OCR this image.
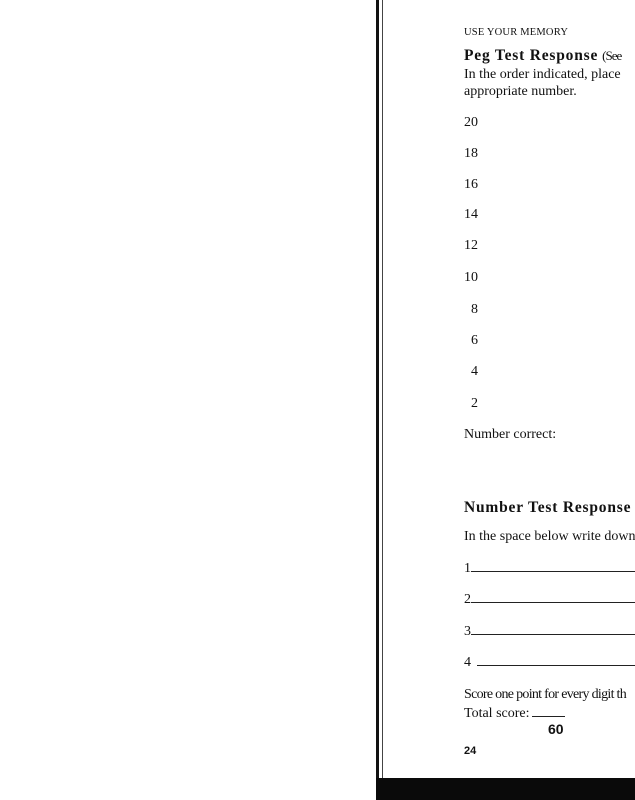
USE YOUR MEMORY
Peg Test Response (See
In the order indicated, place
appropriate number.
20
18
16
14
12
10
8
6
4
2
Number correct:
Number Test Response
In the space below write down
1
2
3
4
Score one point for every digit th
Total score:
60
24
